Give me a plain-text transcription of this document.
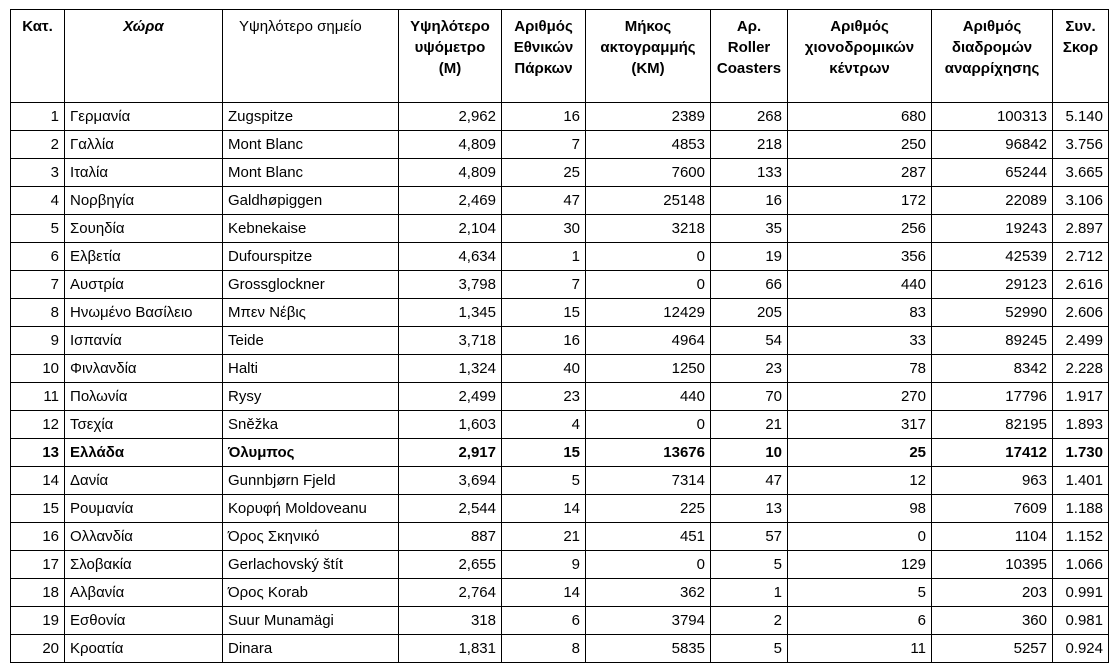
Κατ.	Χώρα	Υψηλότερο σημείο	Υψηλότερο υψόμετρο (Μ)	Αριθμός Εθνικών Πάρκων	Μήκος ακτογραμμής (ΚΜ)	Αρ. Roller Coasters	Αριθμός χιονοδρομικών κέντρων	Αριθμός διαδρομών αναρρίχησης	Συν. Σκορ
1	Γερμανία	Zugspitze	2,962	16	2389	268	680	100313	5.140
2	Γαλλία	Mont Blanc	4,809	7	4853	218	250	96842	3.756
3	Ιταλία	Mont Blanc	4,809	25	7600	133	287	65244	3.665
4	Νορβηγία	Galdhøpiggen	2,469	47	25148	16	172	22089	3.106
5	Σουηδία	Kebnekaise	2,104	30	3218	35	256	19243	2.897
6	Ελβετία	Dufourspitze	4,634	1	0	19	356	42539	2.712
7	Αυστρία	Grossglockner	3,798	7	0	66	440	29123	2.616
8	Ηνωμένο Βασίλειο	Μπεν Νέβις	1,345	15	12429	205	83	52990	2.606
9	Ισπανία	Teide	3,718	16	4964	54	33	89245	2.499
10	Φινλανδία	Halti	1,324	40	1250	23	78	8342	2.228
11	Πολωνία	Rysy	2,499	23	440	70	270	17796	1.917
12	Τσεχία	Sněžka	1,603	4	0	21	317	82195	1.893
13	Ελλάδα	Όλυμπος	2,917	15	13676	10	25	17412	1.730
14	Δανία	Gunnbjørn Fjeld	3,694	5	7314	47	12	963	1.401
15	Ρουμανία	Κορυφή Moldoveanu	2,544	14	225	13	98	7609	1.188
16	Ολλανδία	Όρος Σκηνικό	887	21	451	57	0	1104	1.152
17	Σλοβακία	Gerlachovský štít	2,655	9	0	5	129	10395	1.066
18	Αλβανία	Όρος Korab	2,764	14	362	1	5	203	0.991
19	Εσθονία	Suur Munamägi	318	6	3794	2	6	360	0.981
20	Κροατία	Dinara	1,831	8	5835	5	11	5257	0.924
